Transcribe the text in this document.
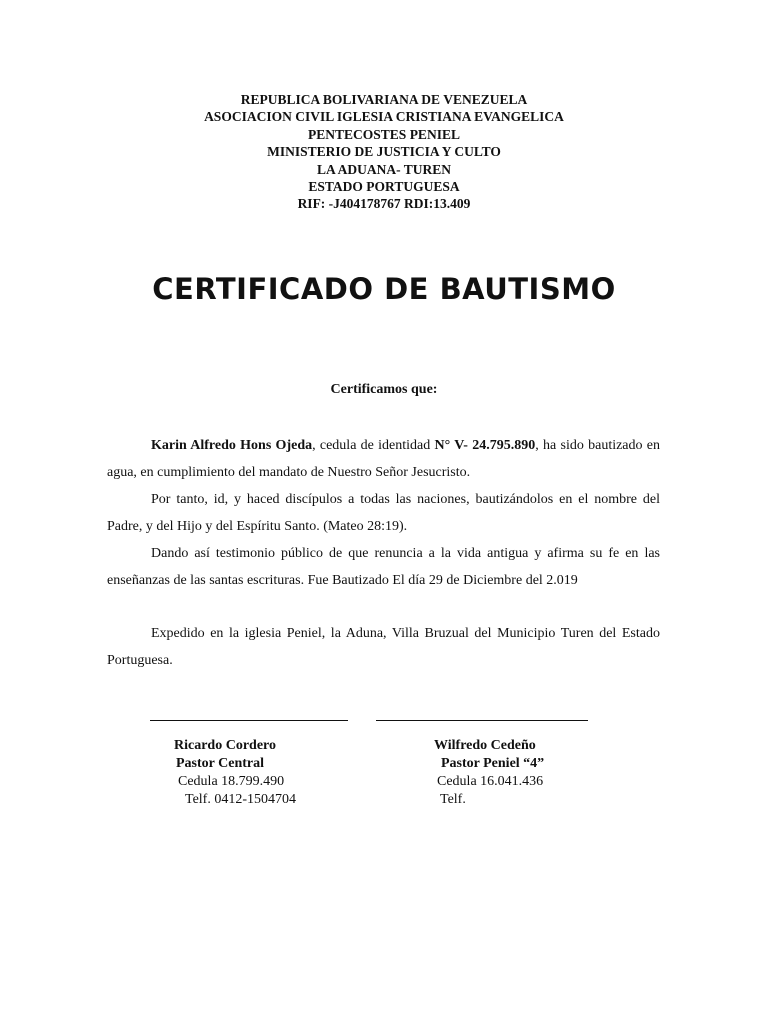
REPUBLICA BOLIVARIANA DE VENEZUELA
ASOCIACION CIVIL IGLESIA CRISTIANA EVANGELICA
PENTECOSTES PENIEL
MINISTERIO DE JUSTICIA Y CULTO
LA ADUANA- TUREN
ESTADO PORTUGUESA
RIF: -J404178767 RDI:13.409
CERTIFICADO DE BAUTISMO
Certificamos que:

Karin Alfredo Hons Ojeda, cedula de identidad N° V- 24.795.890, ha sido bautizado en agua, en cumplimiento del mandato de Nuestro Señor Jesucristo.

Por tanto, id, y haced discípulos a todas las naciones, bautizándolos en el nombre del Padre, y del Hijo y del Espíritu Santo. (Mateo 28:19).

Dando así testimonio público de que renuncia a la vida antigua y afirma su fe en las enseñanzas de las santas escrituras. Fue Bautizado El día 29 de Diciembre del 2.019

Expedido en la iglesia Peniel, la Aduna, Villa Bruzual del Municipio Turen del Estado Portuguesa.

Ricardo Cordero
Pastor Central
Cedula 18.799.490
Telf. 0412-1504704
Wilfredo Cedeño
Pastor Peniel “4”
Cedula 16.041.436
Telf.
